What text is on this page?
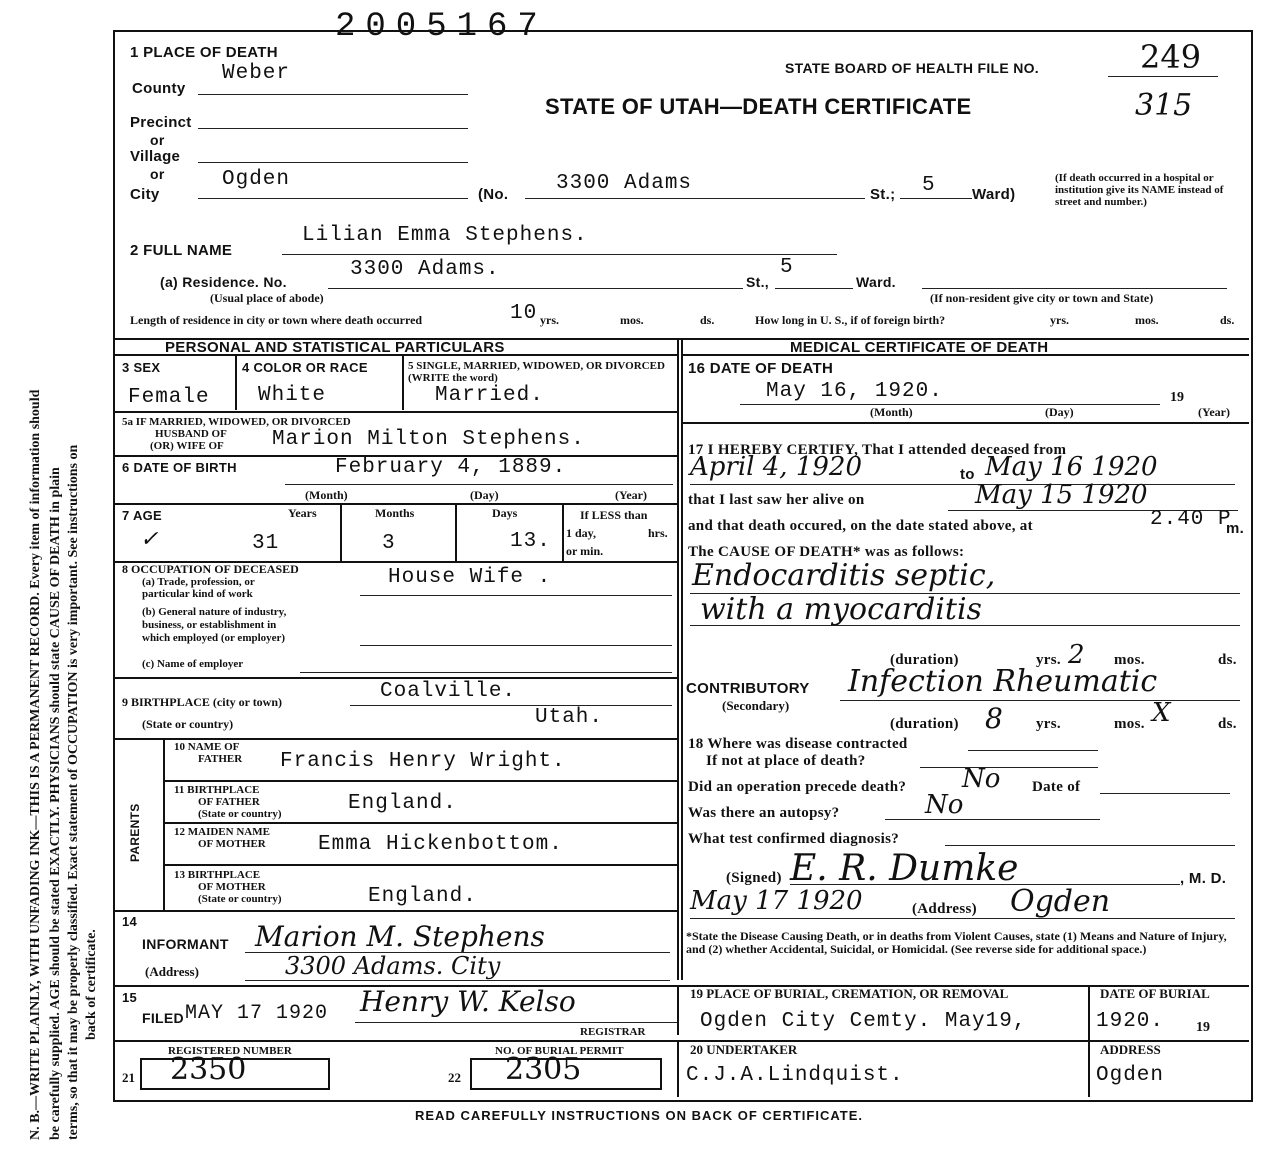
N. B.—WRITE PLAINLY, WITH UNFADING INK—THIS IS A PERMANENT RECORD. Every item of information should be carefully supplied. AGE should be stated EXACTLY. PHYSICIANS should state CAUSE OF DEATH in plain terms, so that it may be properly classified. Exact statement of OCCUPATION is very important. See instructions on back of certificate.
1 PLACE OF DEATH
2005167
STATE BOARD OF HEALTH FILE NO.	249
STATE OF UTAH—DEATH CERTIFICATE	315
County
Weber
Precinct
or
Village
or
City
Ogden
(No. 3300 Adams	St.; 5 Ward)
(If death occurred in a hospital or institution give its NAME instead of street and number.)
2 FULL NAME
Lilian Emma Stephens.
(a) Residence. No.
3300 Adams.
St.,
5
Ward.
(Usual place of abode)	(If non-resident give city or town and State)
Length of residence in city or town where death occurred	10 yrs.	mos.	ds.	How long in U. S., if of foreign birth?	yrs.	mos.	ds.
PERSONAL AND STATISTICAL PARTICULARS	MEDICAL CERTIFICATE OF DEATH
3 SEX
Female
4 COLOR OR RACE
White
5 SINGLE, MARRIED, WIDOWED, OR DIVORCED (WRITE the word)
Married.
5a IF MARRIED, WIDOWED, OR DIVORCED
HUSBAND OF
(OR) WIFE OF Marion Milton Stephens.
6 DATE OF BIRTH	February 4, 1889.
(Month)	(Day)	(Year)
7 AGE	Years	Months	Days
✓	31	3	13.
If LESS than
1 day,	hrs.
or min.
8 OCCUPATION OF DECEASED
(a) Trade, profession, or
particular kind of work
House Wife .
(b) General nature of industry,
business, or establishment in
which employed (or employer)
(c) Name of employer
9 BIRTHPLACE (city or town)	Coalville.
(State or country)	Utah.
PARENTS
10 NAME OF
FATHER Francis Henry Wright.
11 BIRTHPLACE
OF FATHER
(State or country)	England.
12 MAIDEN NAME
OF MOTHER Emma Hickenbottom.
13 BIRTHPLACE
OF MOTHER
(State or country)	England.
14
INFORMANT Marion M. Stephens
(Address)	3300 Adams. City
15
FILED MAY 17 1920 Henry W. Kelso
REGISTRAR
16 DATE OF DEATH
May 16, 1920.	19
(Month)	(Day)	(Year)
17 I HEREBY CERTIFY, That I attended deceased from
April 4, 1920	to May 16 1920
that I last saw her alive on	May 15 1920
and that death occured, on the date stated above, at	2.40 P
m.
The CAUSE OF DEATH* was as follows:
Endocarditis septic,
with a myocarditis
(duration)	yrs. 2 mos.	ds.
CONTRIBUTORY Infection Rheumatic
(Secondary)
(duration) 8 yrs.	mos. X	ds.
18 Where was disease contracted
If not at place of death?
Did an operation precede death? No Date of
Was there an autopsy?	No
What test confirmed diagnosis?
(Signed) E. R. Dumke	, M. D.
May 17 1920	(Address) Ogden
*State the Disease Causing Death, or in deaths from Violent Causes, state (1) Means and Nature of Injury, and (2) whether Accidental, Suicidal, or Homicidal. (See reverse side for additional space.)
19 PLACE OF BURIAL, CREMATION, OR REMOVAL
Ogden City Cemty. May19,
DATE OF BURIAL
1920. 19
20 UNDERTAKER
C.J.A.Lindquist.
ADDRESS
Ogden
REGISTERED NUMBER
21 2350
NO. OF BURIAL PERMIT
22 2305
READ CAREFULLY INSTRUCTIONS ON BACK OF CERTIFICATE.
